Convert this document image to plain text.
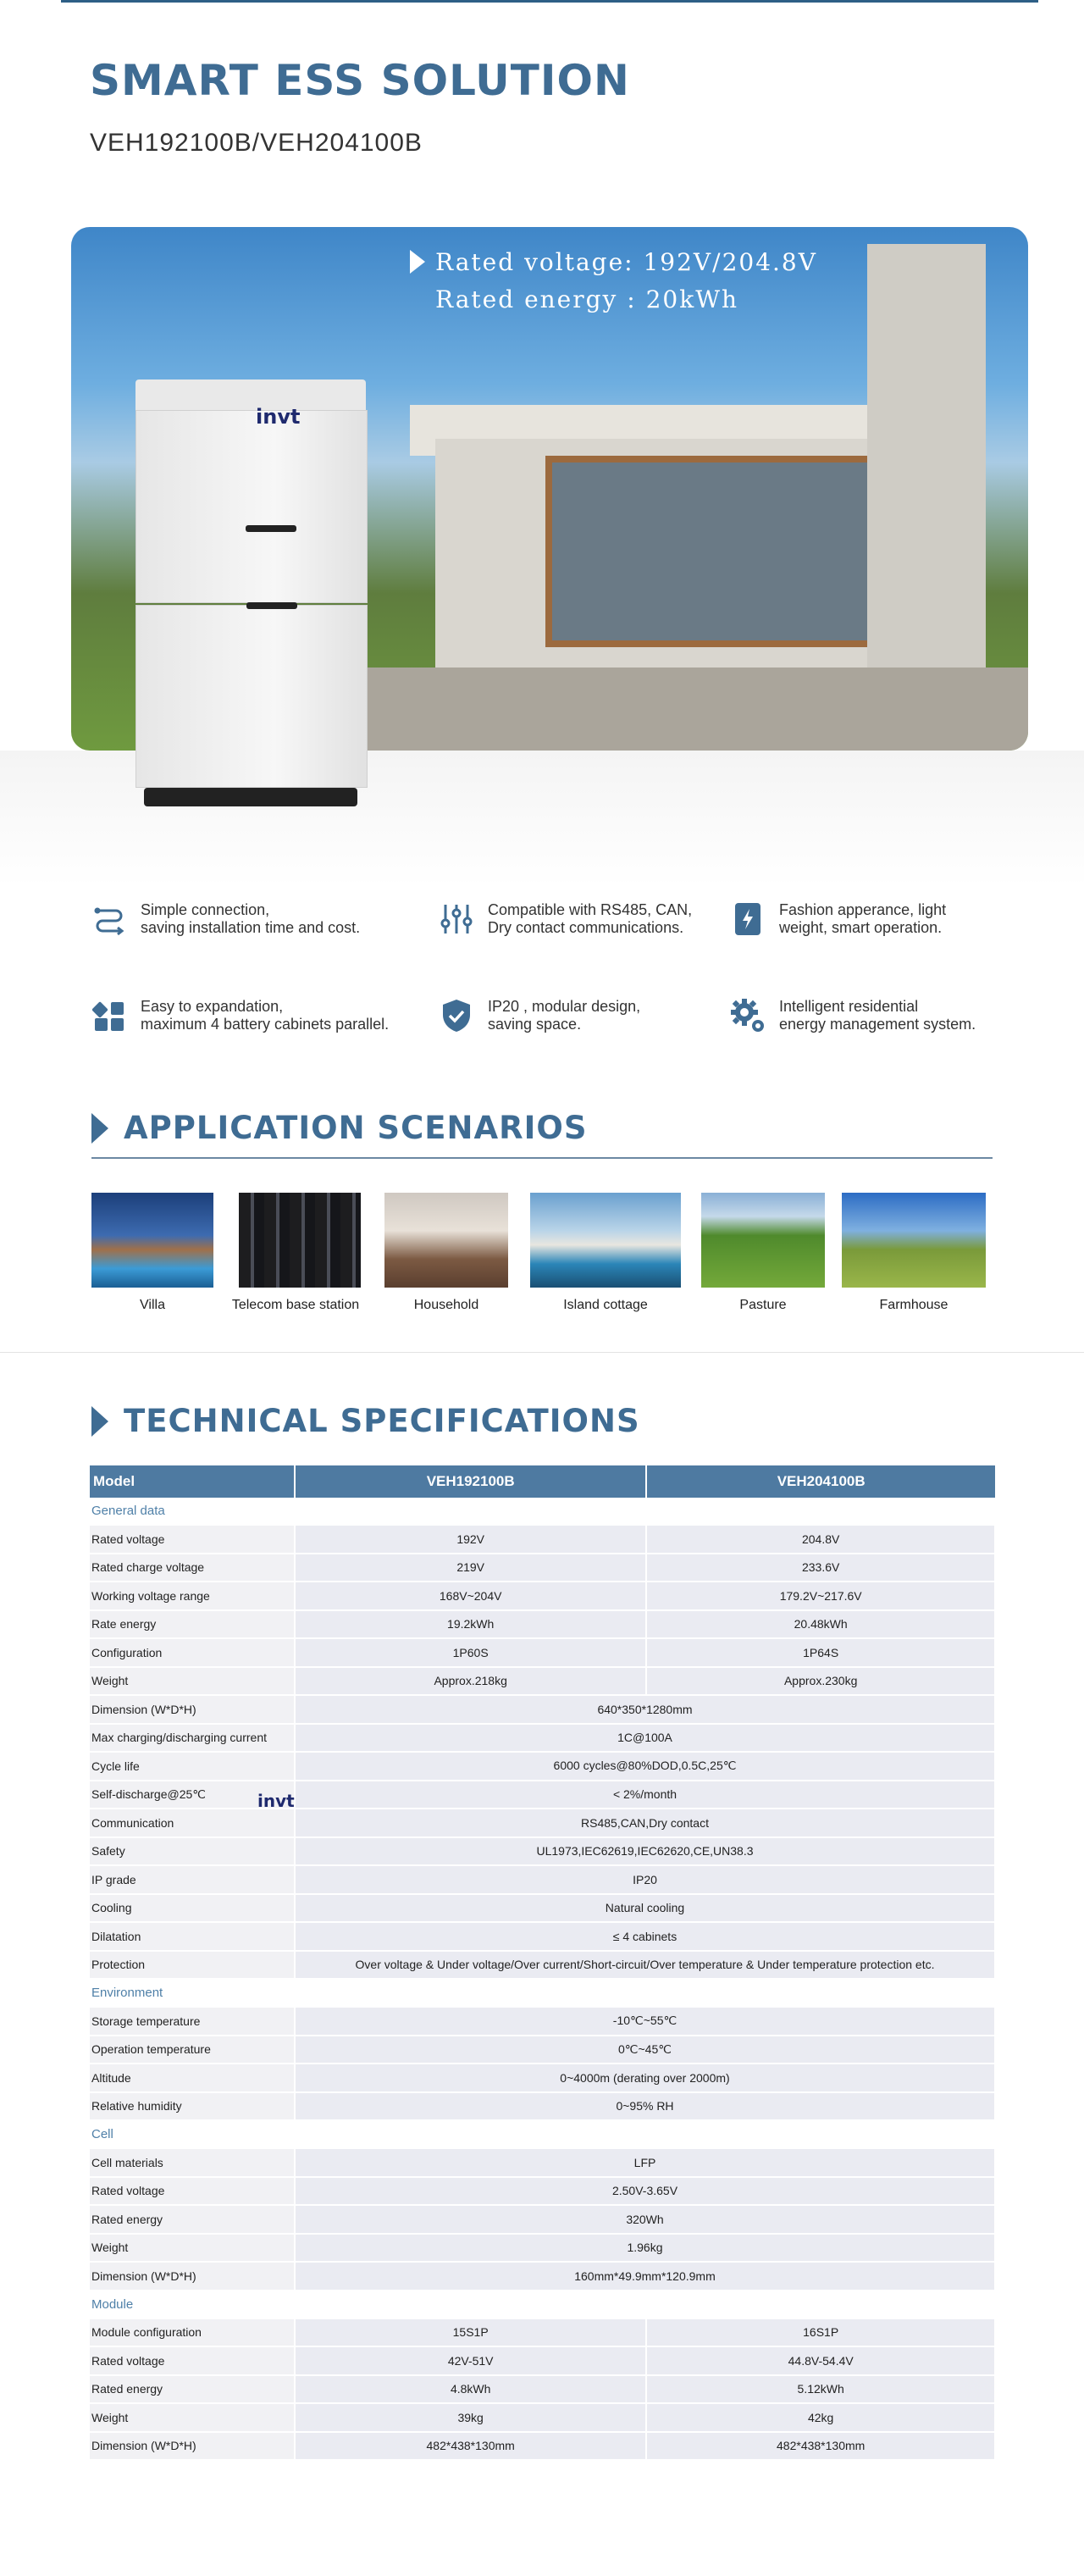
SMART ESS SOLUTION
VEH192100B/VEH204100B
Rated voltage: 192V/204.8V
Rated energy : 20kWh
invt
Simple connection,
saving installation time and cost.
Compatible with RS485, CAN,
Dry contact communications.
Fashion apperance, light
weight, smart operation.
Easy to expandation,
maximum 4 battery cabinets parallel.
IP20 , modular design,
saving space.
Intelligent residential
energy management system.
APPLICATION SCENARIOS
Villa	Telecom base station	Household	Island cottage	Pasture	Farmhouse
TECHNICAL SPECIFICATIONS
Model	VEH192100B	VEH204100B
General data		
Rated voltage	192V	204.8V
Rated charge voltage	219V	233.6V
Working voltage range	168V~204V	179.2V~217.6V
Rate energy	19.2kWh	20.48kWh
Configuration	1P60S	1P64S
Weight	Approx.218kg	Approx.230kg
Dimension (W*D*H)	640*350*1280mm	
Max charging/discharging current	1C@100A	
Cycle life	6000 cycles@80%DOD,0.5C,25℃	
Self-discharge@25℃	< 2%/month	
Communication	RS485,CAN,Dry contact	
Safety	UL1973,IEC62619,IEC62620,CE,UN38.3	
IP grade	IP20	
Cooling	Natural cooling	
Dilatation	≤ 4 cabinets	
Protection	Over voltage & Under voltage/Over current/Short-circuit/Over temperature & Under temperature protection etc.	
Environment		
Storage temperature	-10℃~55℃	
Operation temperature	0℃~45℃	
Altitude	0~4000m (derating over 2000m)	
Relative humidity	0~95% RH	
Cell		
Cell materials	LFP	
Rated voltage	2.50V-3.65V	
Rated energy	320Wh	
Weight	1.96kg	
Dimension (W*D*H)	160mm*49.9mm*120.9mm	
Module		
Module configuration	15S1P	16S1P
Rated voltage	42V-51V	44.8V-54.4V
Rated energy	4.8kWh	5.12kWh
Weight	39kg	42kg
Dimension (W*D*H)	482*438*130mm	482*438*130mm
invt
